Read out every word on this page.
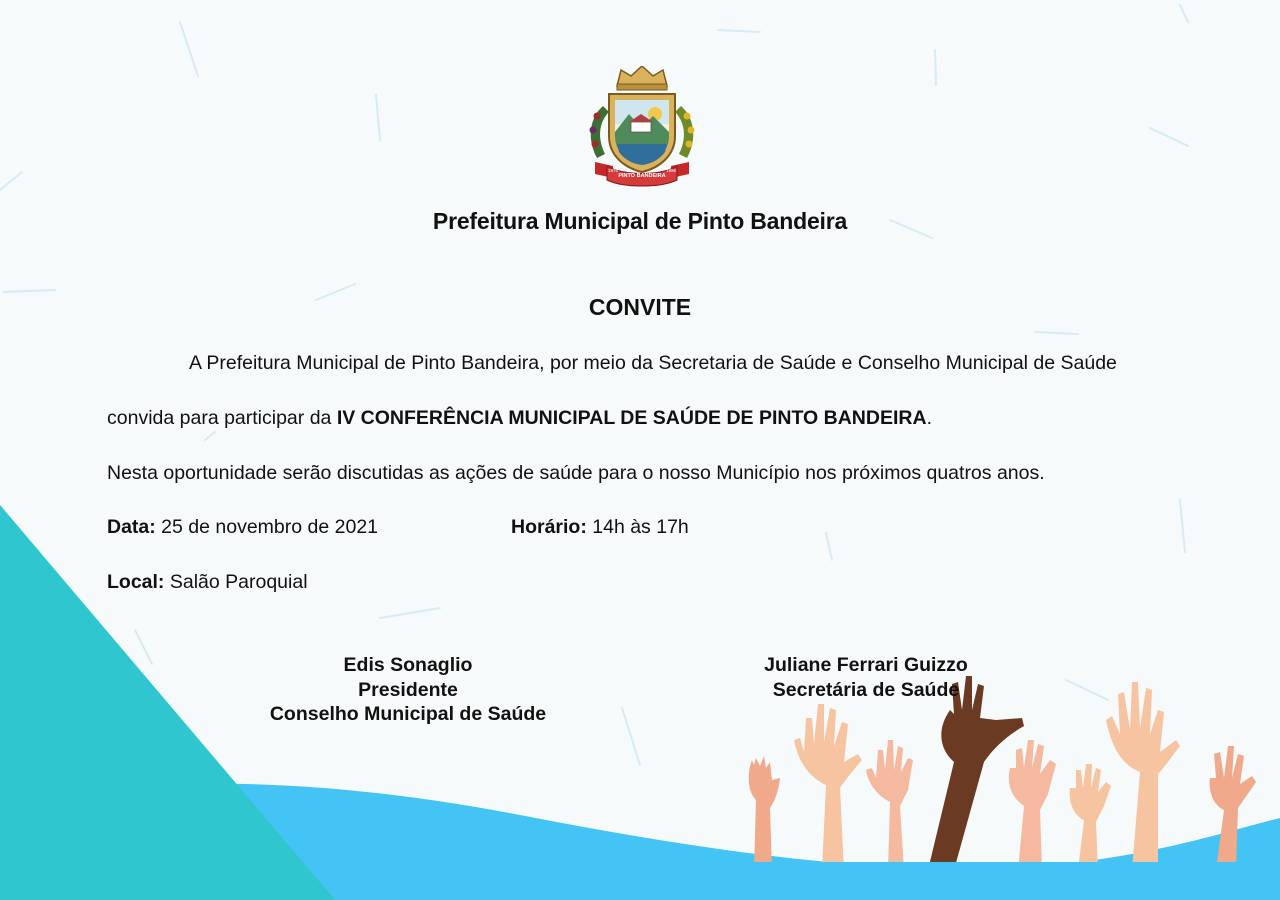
PINTO BANDEIRA
1876	1996
Prefeitura Municipal de Pinto Bandeira
CONVITE
A Prefeitura Municipal de Pinto Bandeira, por meio da Secretaria de Saúde e Conselho Municipal de Saúde
convida para participar da IV CONFERÊNCIA MUNICIPAL DE SAÚDE DE PINTO BANDEIRA.
Nesta oportunidade serão discutidas as ações de saúde para o nosso Município nos próximos quatros anos.
Data: 25 de novembro de 2021	Horário: 14h às 17h
Local: Salão Paroquial
Edis Sonaglio
Presidente
Conselho Municipal de Saúde
Juliane Ferrari Guizzo
Secretária de Saúde
